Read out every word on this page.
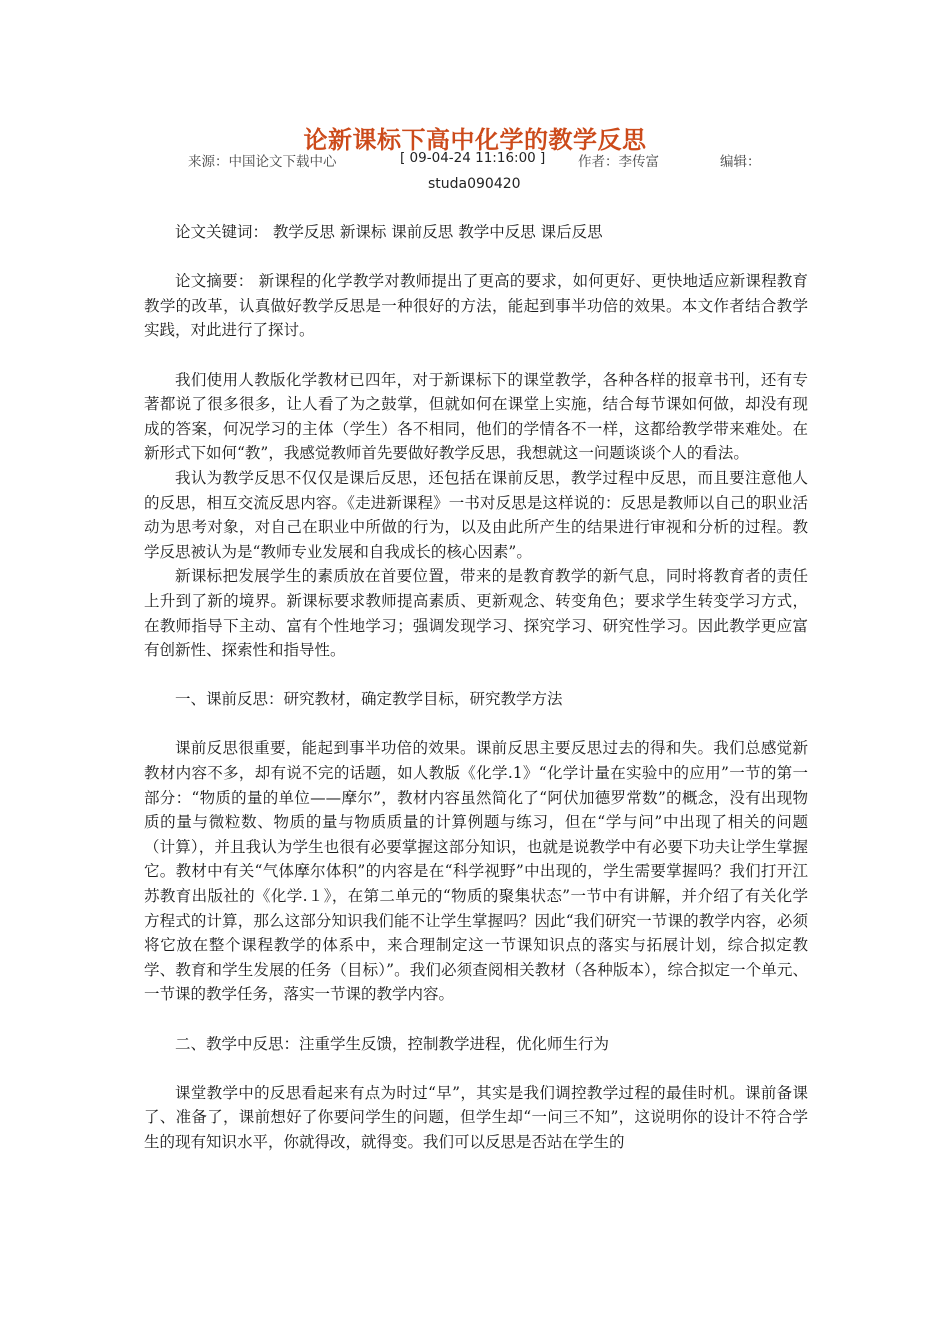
论新课标下高中化学的教学反思
来源：中国论文下载中心	[ 09-04-24 11:16:00 ] 作者：李传富	编辑：
studa090420

论文关键词： 教学反思 新课标 课前反思 教学中反思 课后反思

论文摘要： 新课程的化学教学对教师提出了更高的要求，如何更好、更快地适应新课程教育教学的改革，认真做好教学反思是一种很好的方法，能起到事半功倍的效果。本文作者结合教学实践，对此进行了探讨。

我们使用人教版化学教材已四年，对于新课标下的课堂教学，各种各样的报章书刊，还有专著都说了很多很多，让人看了为之鼓掌，但就如何在课堂上实施，结合每节课如何做，却没有现成的答案，何况学习的主体（学生）各不相同，他们的学情各不一样，这都给教学带来难处。在新形式下如何“教”，我感觉教师首先要做好教学反思，我想就这一问题谈谈个人的看法。

我认为教学反思不仅仅是课后反思，还包括在课前反思，教学过程中反思，而且要注意他人的反思，相互交流反思内容。《走进新课程》一书对反思是这样说的：反思是教师以自己的职业活动为思考对象，对自己在职业中所做的行为，以及由此所产生的结果进行审视和分析的过程。教学反思被认为是“教师专业发展和自我成长的核心因素”。

新课标把发展学生的素质放在首要位置，带来的是教育教学的新气息，同时将教育者的责任上升到了新的境界。新课标要求教师提高素质、更新观念、转变角色；要求学生转变学习方式，在教师指导下主动、富有个性地学习；强调发现学习、探究学习、研究性学习。因此教学更应富有创新性、探索性和指导性。

一、课前反思：研究教材，确定教学目标，研究教学方法

课前反思很重要，能起到事半功倍的效果。课前反思主要反思过去的得和失。我们总感觉新教材内容不多，却有说不完的话题，如人教版《化学.1》“化学计量在实验中的应用”一节的第一部分：“物质的量的单位——摩尔”，教材内容虽然简化了“阿伏加德罗常数”的概念，没有出现物质的量与微粒数、物质的量与物质质量的计算例题与练习，但在“学与问”中出现了相关的问题（计算），并且我认为学生也很有必要掌握这部分知识，也就是说教学中有必要下功夫让学生掌握它。教材中有关“气体摩尔体积”的内容是在“科学视野”中出现的，学生需要掌握吗？我们打开江苏教育出版社的《化学.１》，在第二单元的“物质的聚集状态”一节中有讲解，并介绍了有关化学方程式的计算，那么这部分知识我们能不让学生掌握吗？因此“我们研究一节课的教学内容，必须将它放在整个课程教学的体系中，来合理制定这一节课知识点的落实与拓展计划，综合拟定教学、教育和学生发展的任务（目标）”。我们必须查阅相关教材（各种版本），综合拟定一个单元、一节课的教学任务，落实一节课的教学内容。

二、教学中反思：注重学生反馈，控制教学进程，优化师生行为

课堂教学中的反思看起来有点为时过“早”，其实是我们调控教学过程的最佳时机。课前备课了、准备了，课前想好了你要问学生的问题，但学生却“一问三不知”，这说明你的设计不符合学生的现有知识水平，你就得改，就得变。我们可以反思是否站在学生的
